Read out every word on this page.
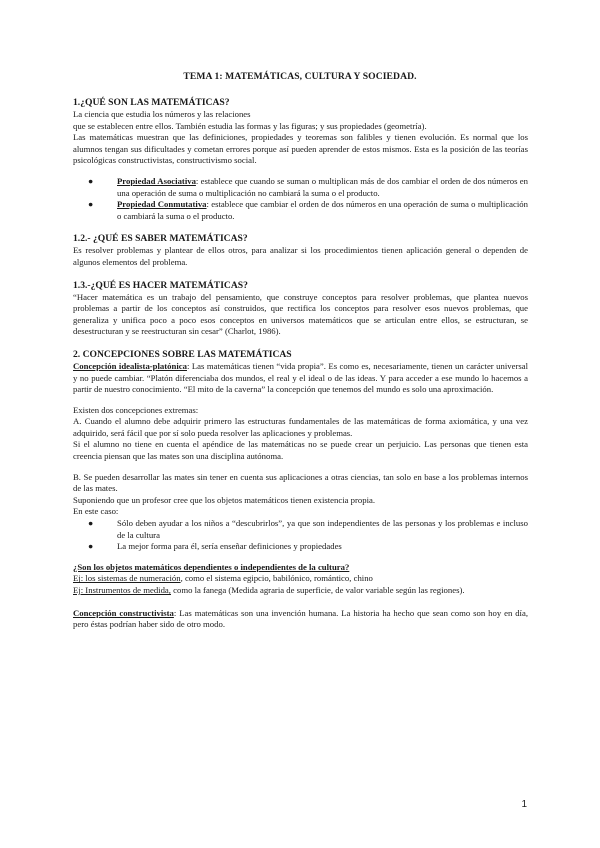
TEMA 1: MATEMÁTICAS, CULTURA Y SOCIEDAD.

1.¿QUÉ SON LAS MATEMÁTICAS?

La ciencia que estudia los números y las relaciones

que se establecen entre ellos. También estudia las formas y las figuras; y sus propiedades (geometría).

Las matemáticas muestran que las definiciones, propiedades y teoremas son falibles y tienen evolución. Es normal que los alumnos tengan sus dificultades y cometan errores porque así pueden aprender de estos mismos. Esta es la posición de las teorías psicológicas constructivistas, constructivismo social.

●	Propiedad Asociativa: establece que cuando se suman o multiplican más de dos cambiar el orden de dos números en una operación de suma o multiplicación no cambiará la suma o el producto.
●	Propiedad Conmutativa: establece que cambiar el orden de dos números en una operación de suma o multiplicación o cambiará la suma o el producto.

1.2.- ¿QUÉ ES SABER MATEMÁTICAS?

Es resolver problemas y plantear de ellos otros, para analizar si los procedimientos tienen aplicación general o dependen de algunos elementos del problema.

1.3.-¿QUÉ ES HACER MATEMÁTICAS?

“Hacer matemática es un trabajo del pensamiento, que construye conceptos para resolver problemas, que plantea nuevos problemas a partir de los conceptos así construidos, que rectifica los conceptos para resolver esos nuevos problemas, que generaliza y unifica poco a poco esos conceptos en universos matemáticos que se articulan entre ellos, se estructuran, se desestructuran y se reestructuran sin cesar” (Charlot, 1986).

2. CONCEPCIONES SOBRE LAS MATEMÁTICAS

Concepción idealista-platónica: Las matemáticas tienen “vida propia”. Es como es, necesariamente, tienen un carácter universal y no puede cambiar. “Platón diferenciaba dos mundos, el real y el ideal o de las ideas. Y para acceder a ese mundo lo hacemos a partir de nuestro conocimiento. “El mito de la caverna” la concepción que tenemos del mundo es solo una aproximación.

Existen dos concepciones extremas:

A. Cuando el alumno debe adquirir primero las estructuras fundamentales de las matemáticas de forma axiomática, y una vez adquirido, será fácil que por sí solo pueda resolver las aplicaciones y problemas.

Si el alumno no tiene en cuenta el apéndice de las matemáticas no se puede crear un perjuicio. Las personas que tienen esta creencia piensan que las mates son una disciplina autónoma.

B. Se pueden desarrollar las mates sin tener en cuenta sus aplicaciones a otras ciencias, tan solo en base a los problemas internos de las mates.

Suponiendo que un profesor cree que los objetos matemáticos tienen existencia propia.

En este caso:

●	Sólo deben ayudar a los niños a “descubrirlos”, ya que son independientes de las personas y los problemas e incluso de la cultura
●	La mejor forma para él, sería enseñar definiciones y propiedades

¿Son los objetos matemáticos dependientes o independientes de la cultura?

Ej: los sistemas de numeración, como el sistema egipcio, babilónico, romántico, chino

Ej: Instrumentos de medida, como la fanega (Medida agraria de superficie, de valor variable según las regiones).

Concepción constructivista: Las matemáticas son una invención humana. La historia ha hecho que sean como son hoy en día, pero éstas podrían haber sido de otro modo.

1
